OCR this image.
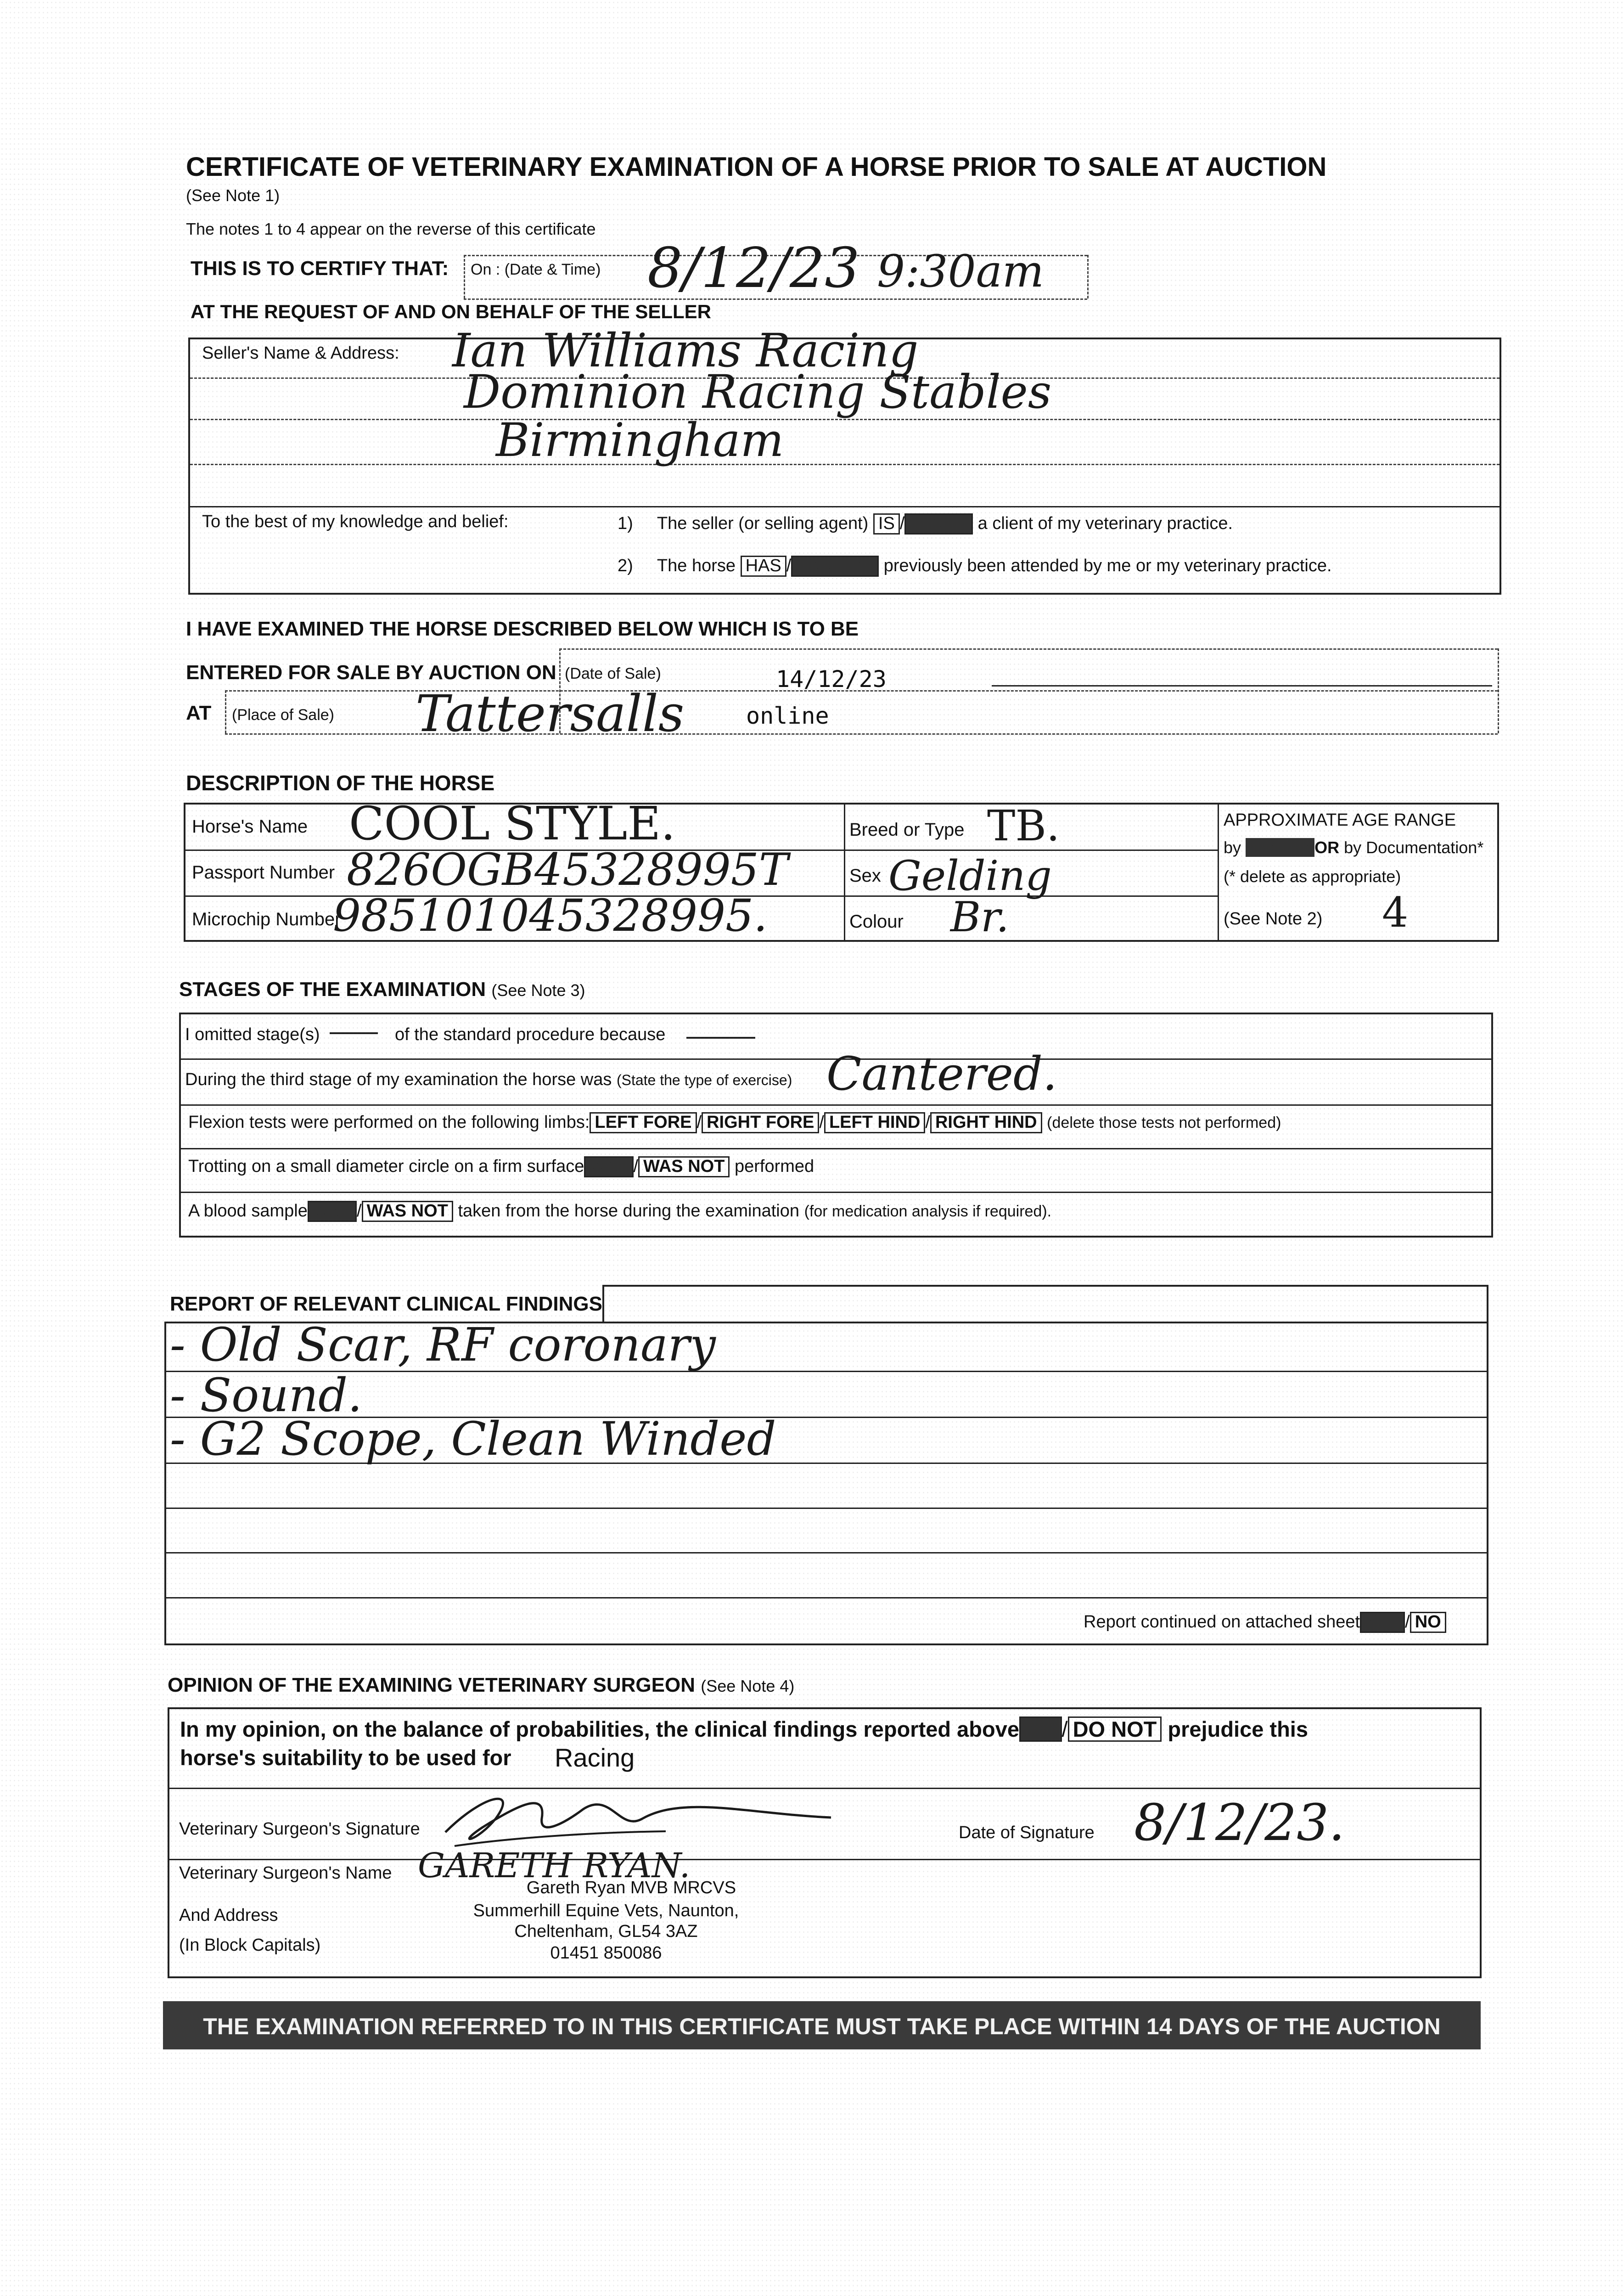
CERTIFICATE OF VETERINARY EXAMINATION OF A HORSE PRIOR TO SALE AT AUCTION
(See Note 1)
The notes 1 to 4 appear on the reverse of this certificate
THIS IS TO CERTIFY THAT: On : (Date & Time) 8/12/23 9:30am
AT THE REQUEST OF AND ON BEHALF OF THE SELLER
Seller's Name & Address: Ian Williams Racing
Dominion Racing Stables
Birmingham
To the best of my knowledge and belief:	1) The seller (or selling agent) IS / IS NOT a client of my veterinary practice.
2) The horse HAS / HAS NOT previously been attended by me or my veterinary practice.
I HAVE EXAMINED THE HORSE DESCRIBED BELOW WHICH IS TO BE
ENTERED FOR SALE BY AUCTION ON (Date of Sale)	14/12/23
AT (Place of Sale) Tattersalls	online
DESCRIPTION OF THE HORSE
Horse's Name COOL STYLE.
Passport Number 826OGB45328995T
Microchip Number
985101045328995.
Breed or Type TB.
Sex Gelding
Colour Br.
APPROXIMATE AGE RANGE
by Dentition OR by Documentation*
(* delete as appropriate)
(See Note 2) 4
STAGES OF THE EXAMINATION (See Note 3)
I omitted stage(s)	of the standard procedure because
During the third stage of my examination the horse was (State the type of exercise) Cantered.
Flexion tests were performed on the following limbs: LEFT FORE / RIGHT FORE / LEFT HIND / RIGHT HIND (delete those tests not performed)
Trotting on a small diameter circle on a firm surface WAS / WAS NOT performed
A blood sample WAS / WAS NOT taken from the horse during the examination (for medication analysis if required).
REPORT OF RELEVANT CLINICAL FINDINGS
- Old Scar, RF coronary
- Sound.
- G2 Scope, Clean Winded
Report continued on attached sheet YES / NO
OPINION OF THE EXAMINING VETERINARY SURGEON (See Note 4)
In my opinion, on the balance of probabilities, the clinical findings reported above DO / DO NOT prejudice this
horse's suitability to be used for Racing
Veterinary Surgeon's Signature	Date of Signature 8/12/23.
Veterinary Surgeon's Name GARETH RYAN.
And Address
(In Block Capitals)
Gareth Ryan MVB MRCVS
Summerhill Equine Vets, Naunton,
Cheltenham, GL54 3AZ
01451 850086
THE EXAMINATION REFERRED TO IN THIS CERTIFICATE MUST TAKE PLACE WITHIN 14 DAYS OF THE AUCTION
